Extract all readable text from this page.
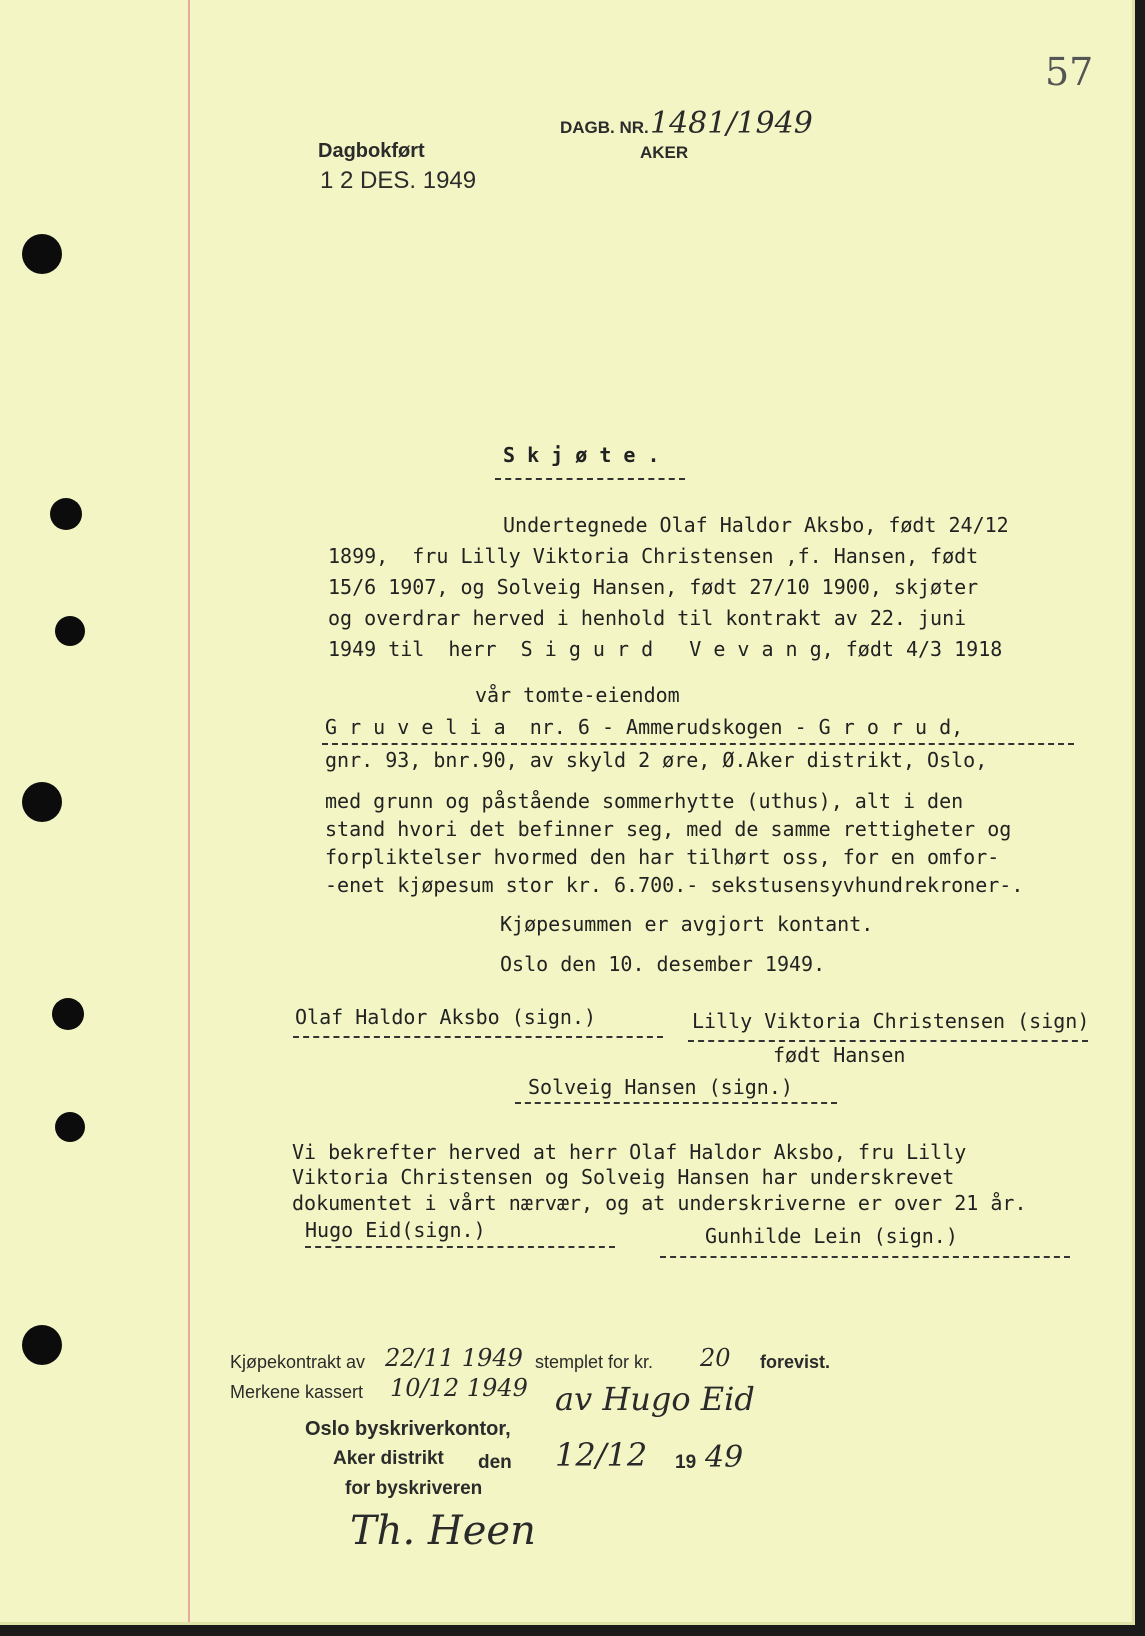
57
DAGB. NR. 1481/1949
AKER
Dagbokført
1 2 DES. 1949
S k j ø t e .
Undertegnede Olaf Haldor Aksbo, født 24/12
1899,  fru Lilly Viktoria Christensen ,f. Hansen, født
15/6 1907, og Solveig Hansen, født 27/10 1900, skjøter
og overdrar herved i henhold til kontrakt av 22. juni
1949 til  herr  S i g u r d   V e v a n g, født 4/3 1918
vår tomte-eiendom
G r u v e l i a  nr. 6 - Ammerudskogen - G r o r u d,
gnr. 93, bnr.90, av skyld 2 øre, Ø.Aker distrikt, Oslo,
med grunn og påstående sommerhytte (uthus), alt i den
stand hvori det befinner seg, med de samme rettigheter og
forpliktelser hvormed den har tilhørt oss, for en omfor-
-enet kjøpesum stor kr. 6.700.- sekstusensyvhundrekroner-.
Kjøpesummen er avgjort kontant.
Oslo den 10. desember 1949.
Olaf Haldor Aksbo (sign.)	Lilly Viktoria Christensen (sign)
født Hansen
Solveig Hansen (sign.)
Vi bekrefter herved at herr Olaf Haldor Aksbo, fru Lilly
Viktoria Christensen og Solveig Hansen har underskrevet
dokumentet i vårt nærvær, og at underskriverne er over 21 år.
Hugo Eid(sign.)	Gunhilde Lein (sign.)
Kjøpekontrakt av 22/11 1949 stemplet for kr. 20 forevist.
Merkene kassert 10/12 1949 av Hugo Eid
Oslo byskriverkontor,
Aker distrikt den 12/12 19 49
for byskriveren
Th. Heen
